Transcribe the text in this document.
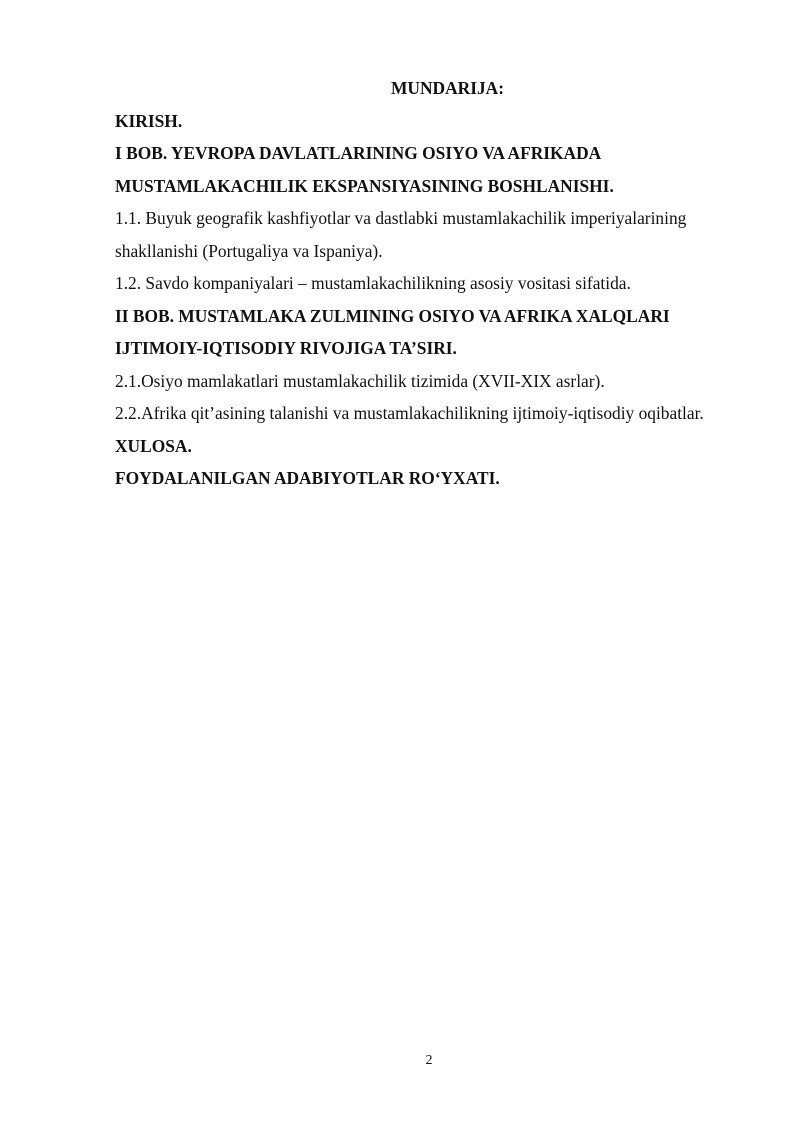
MUNDARIJA:

KIRISH.

I BOB. YEVROPA DAVLATLARINING OSIYO VA AFRIKADA MUSTAMLAKACHILIK EKSPANSIYASINING BOSHLANISHI.

1.1. Buyuk geografik kashfiyotlar va dastlabki mustamlakachilik imperiyalarining shakllanishi (Portugaliya va Ispaniya).

1.2. Savdo kompaniyalari – mustamlakachilikning asosiy vositasi sifatida.

II BOB. MUSTAMLAKA ZULMINING OSIYO VA AFRIKA XALQLARI IJTIMOIY-IQTISODIY RIVOJIGA TA’SIRI.

2.1.Osiyo mamlakatlari mustamlakachilik tizimida (XVII-XIX asrlar).

2.2.Afrika qit’asining talanishi va mustamlakachilikning ijtimoiy-iqtisodiy oqibatlar.

XULOSA.

FOYDALANILGAN ADABIYOTLAR RO‘YXATI.

2
